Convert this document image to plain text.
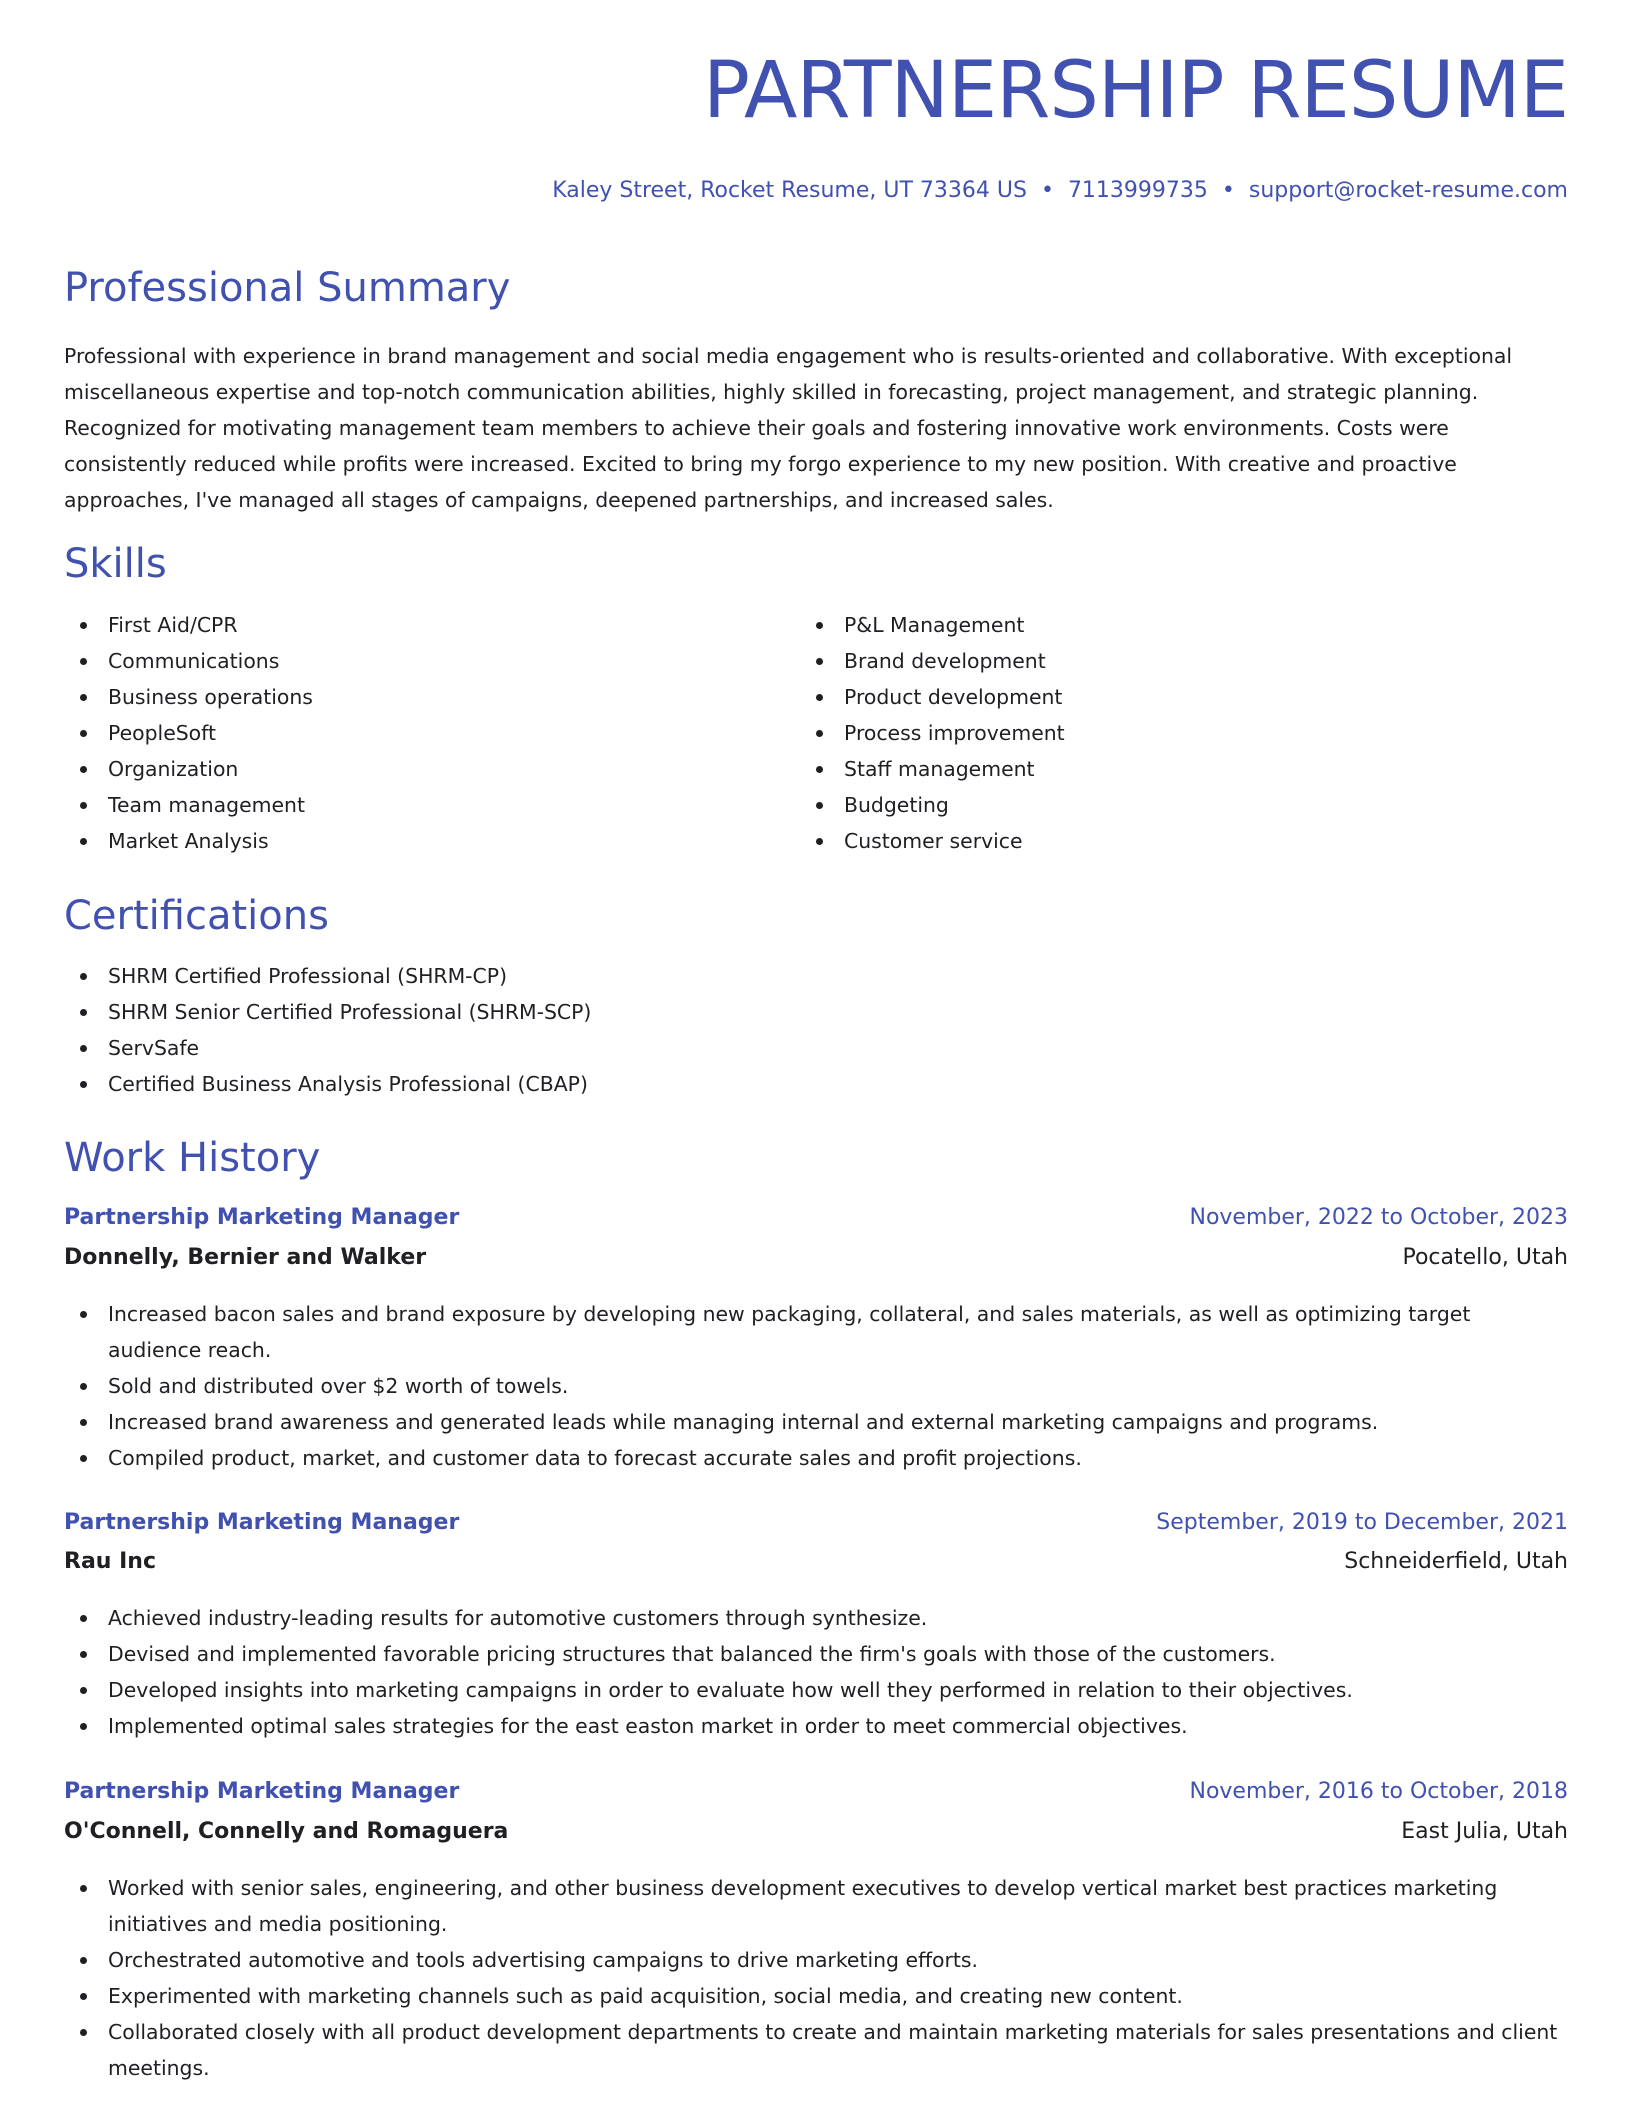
PARTNERSHIP RESUME
Kaley Street, Rocket Resume, UT 73364 US • 7113999735 • support@rocket-resume.com
Professional Summary

Professional with experience in brand management and social media engagement who is results-oriented and collaborative. With exceptional miscellaneous expertise and top-notch communication abilities, highly skilled in forecasting, project management, and strategic planning. Recognized for motivating management team members to achieve their goals and fostering innovative work environments. Costs were consistently reduced while profits were increased. Excited to bring my forgo experience to my new position. With creative and proactive approaches, I've managed all stages of campaigns, deepened partnerships, and increased sales.

Skills
First Aid/CPR
Communications
Business operations
PeopleSoft
Organization
Team management
Market Analysis
P&L Management
Brand development
Product development
Process improvement
Staff management
Budgeting
Customer service
Certifications
SHRM Certified Professional (SHRM-CP)
SHRM Senior Certified Professional (SHRM-SCP)
ServSafe
Certified Business Analysis Professional (CBAP)
Work History
Partnership Marketing Manager	November, 2022 to October, 2023
Donnelly, Bernier and Walker	Pocatello, Utah
Increased bacon sales and brand exposure by developing new packaging, collateral, and sales materials, as well as optimizing target audience reach.
Sold and distributed over $2 worth of towels.
Increased brand awareness and generated leads while managing internal and external marketing campaigns and programs.
Compiled product, market, and customer data to forecast accurate sales and profit projections.
Partnership Marketing Manager	September, 2019 to December, 2021
Rau Inc	Schneiderfield, Utah
Achieved industry-leading results for automotive customers through synthesize.
Devised and implemented favorable pricing structures that balanced the firm's goals with those of the customers.
Developed insights into marketing campaigns in order to evaluate how well they performed in relation to their objectives.
Implemented optimal sales strategies for the east easton market in order to meet commercial objectives.
Partnership Marketing Manager	November, 2016 to October, 2018
O'Connell, Connelly and Romaguera	East Julia, Utah
Worked with senior sales, engineering, and other business development executives to develop vertical market best practices marketing initiatives and media positioning.
Orchestrated automotive and tools advertising campaigns to drive marketing efforts.
Experimented with marketing channels such as paid acquisition, social media, and creating new content.
Collaborated closely with all product development departments to create and maintain marketing materials for sales presentations and client meetings.
